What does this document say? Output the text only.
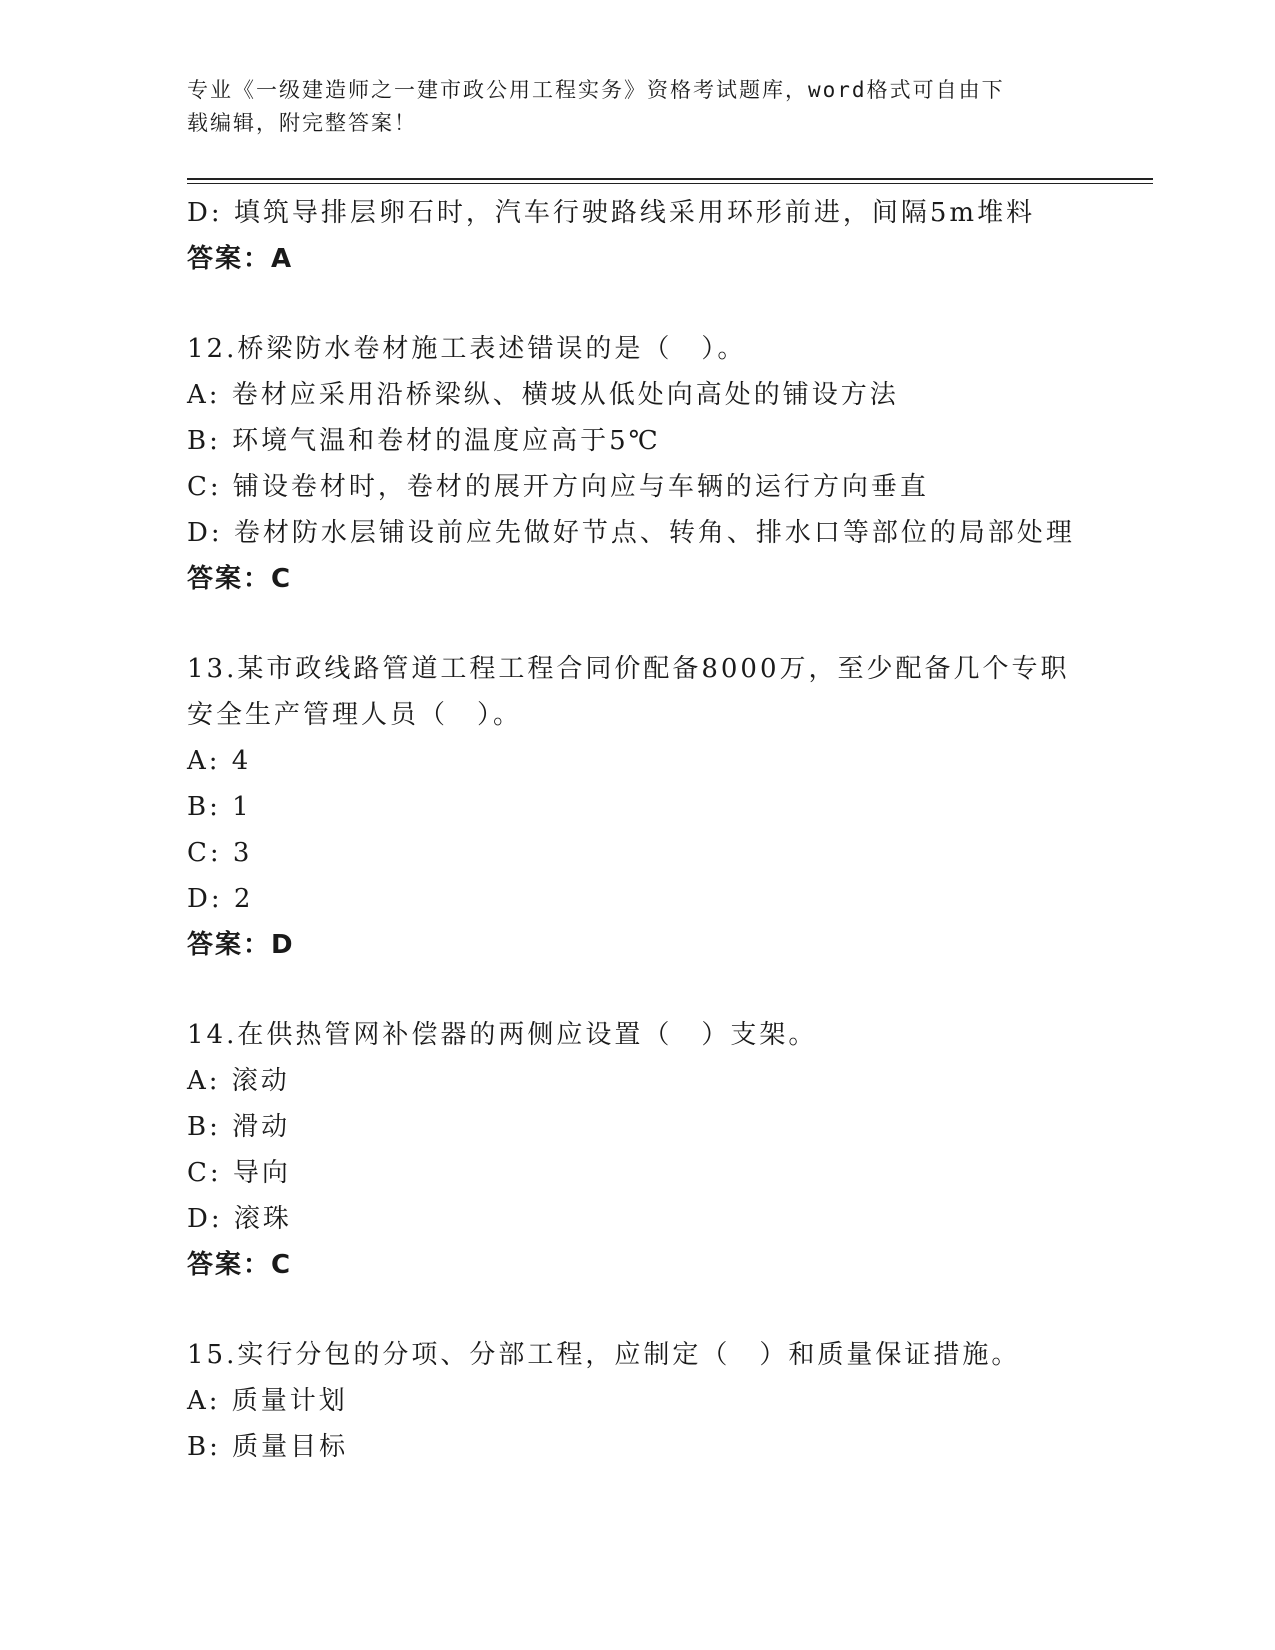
专业《一级建造师之一建市政公用工程实务》资格考试题库，word格式可自由下
载编辑，附完整答案！
D: 填筑导排层卵石时，汽车行驶路线采用环形前进，间隔5m堆料
答案：A
12.桥梁防水卷材施工表述错误的是（　）。
A: 卷材应采用沿桥梁纵、横坡从低处向高处的铺设方法
B: 环境气温和卷材的温度应高于5℃
C: 铺设卷材时，卷材的展开方向应与车辆的运行方向垂直
D: 卷材防水层铺设前应先做好节点、转角、排水口等部位的局部处理
答案：C
13.某市政线路管道工程工程合同价配备8000万，至少配备几个专职
安全生产管理人员（　）。
A: 4
B: 1
C: 3
D: 2
答案：D
14.在供热管网补偿器的两侧应设置（　）支架。
A: 滚动
B: 滑动
C: 导向
D: 滚珠
答案：C
15.实行分包的分项、分部工程，应制定（　）和质量保证措施。
A: 质量计划
B: 质量目标
